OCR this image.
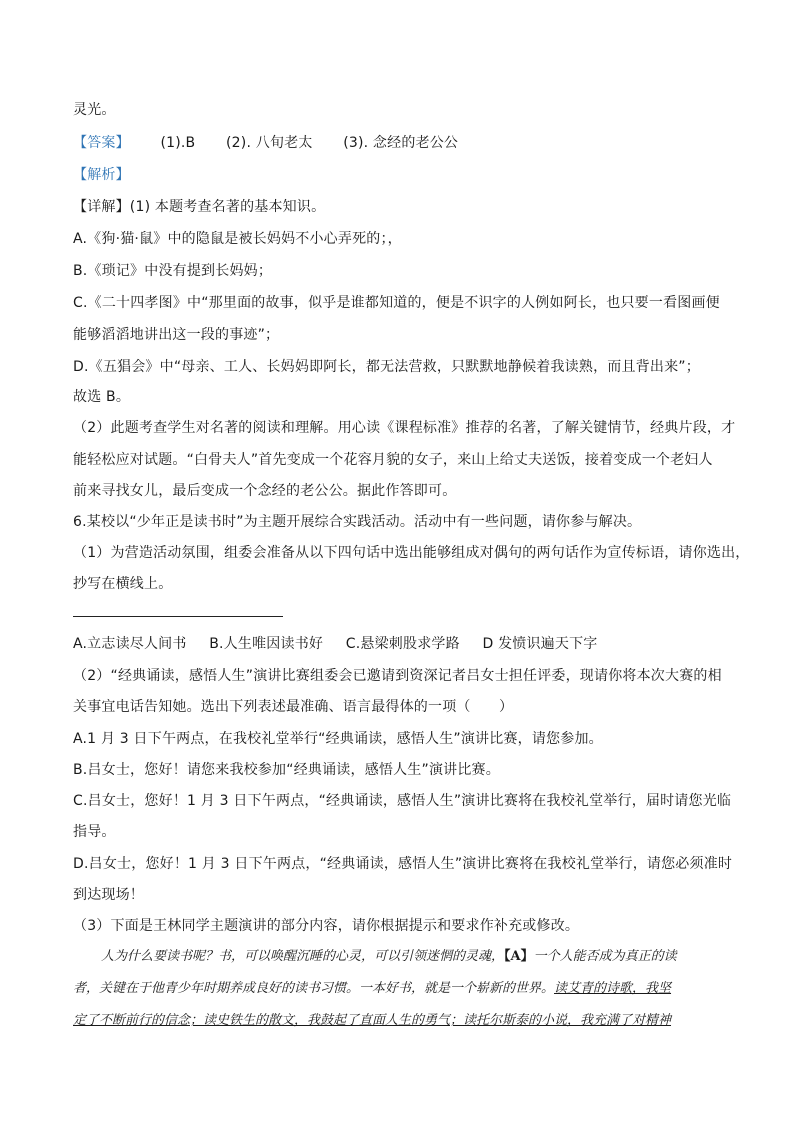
灵光。
【答案】 (1).B (2). 八旬老太 (3). 念经的老公公
【解析】
【详解】(1) 本题考查名著的基本知识。
A.《狗·猫·鼠》中的隐鼠是被长妈妈不小心弄死的；，
B.《琐记》中没有提到长妈妈；
C.《二十四孝图》中“那里面的故事，似乎是谁都知道的，便是不识字的人例如阿长，也只要一看图画便
能够滔滔地讲出这一段的事迹”；
D.《五猖会》中“母亲、工人、长妈妈即阿长，都无法营救，只默默地静候着我读熟，而且背出来”；
故选 B。
（2）此题考查学生对名著的阅读和理解。用心读《课程标准》推荐的名著，了解关键情节，经典片段，才
能轻松应对试题。“白骨夫人”首先变成一个花容月貌的女子，来山上给丈夫送饭，接着变成一个老妇人
前来寻找女儿，最后变成一个念经的老公公。据此作答即可。
6.某校以“少年正是读书时”为主题开展综合实践活动。活动中有一些问题，请你参与解决。
（1）为营造活动氛围，组委会准备从以下四句话中选出能够组成对偶句的两句话作为宣传标语，请你选出，
抄写在横线上。
A.立志读尽人间书 B.人生唯因读书好 C.悬梁刺股求学路 D 发愤识遍天下字
（2）“经典诵读，感悟人生”演讲比赛组委会已邀请到资深记者吕女士担任评委，现请你将本次大赛的相
关事宜电话告知她。选出下列表述最准确、语言最得体的一项（　　）
A.1 月 3 日下午两点，在我校礼堂举行“经典诵读，感悟人生”演讲比赛，请您参加。
B.吕女士，您好！请您来我校参加“经典诵读，感悟人生”演讲比赛。
C.吕女士，您好！1 月 3 日下午两点，“经典诵读，感悟人生”演讲比赛将在我校礼堂举行，届时请您光临
指导。
D.吕女士，您好！1 月 3 日下午两点，“经典诵读，感悟人生”演讲比赛将在我校礼堂举行，请您必须准时
到达现场！
（3）下面是王林同学主题演讲的部分内容，请你根据提示和要求作补充或修改。
人为什么要读书呢？书，可以唤醒沉睡的心灵，可以引领迷惘的灵魂，【A】一个人能否成为真正的读
者，关键在于他青少年时期养成良好的读书习惯。一本好书，就是一个崭新的世界。读艾青的诗歌，我坚
定了不断前行的信念；读史铁生的散文，我鼓起了直面人生的勇气；读托尔斯泰的小说，我充满了对精神
